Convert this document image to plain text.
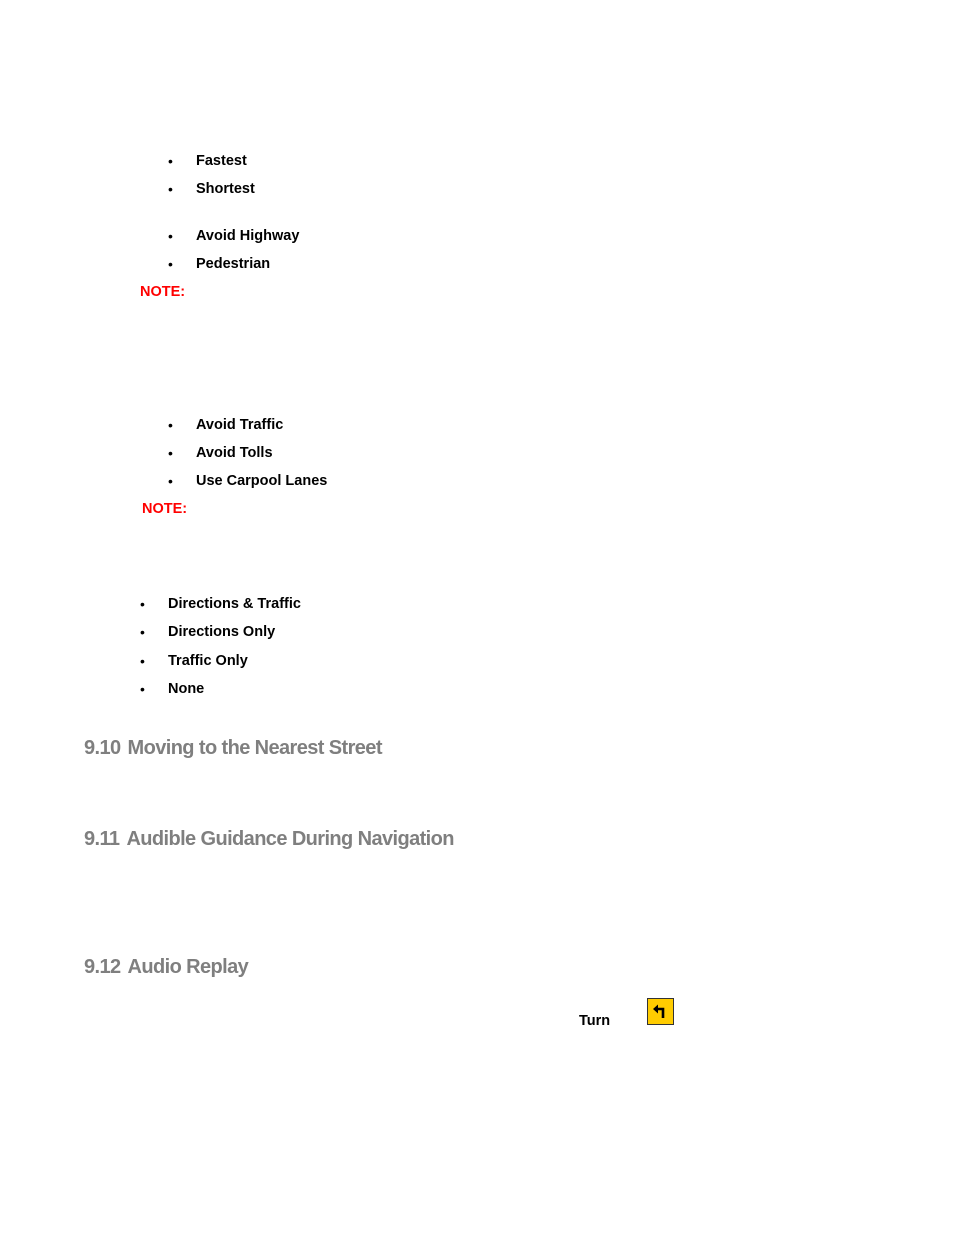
• Fastest
• Shortest
• Avoid Highway
• Pedestrian
NOTE:
• Avoid Traffic
• Avoid Tolls
• Use Carpool Lanes
NOTE:
• Directions & Traffic
• Directions Only
• Traffic Only
• None
9.10 Moving to the Nearest Street
9.11 Audible Guidance During Navigation
9.12 Audio Replay
Turn
